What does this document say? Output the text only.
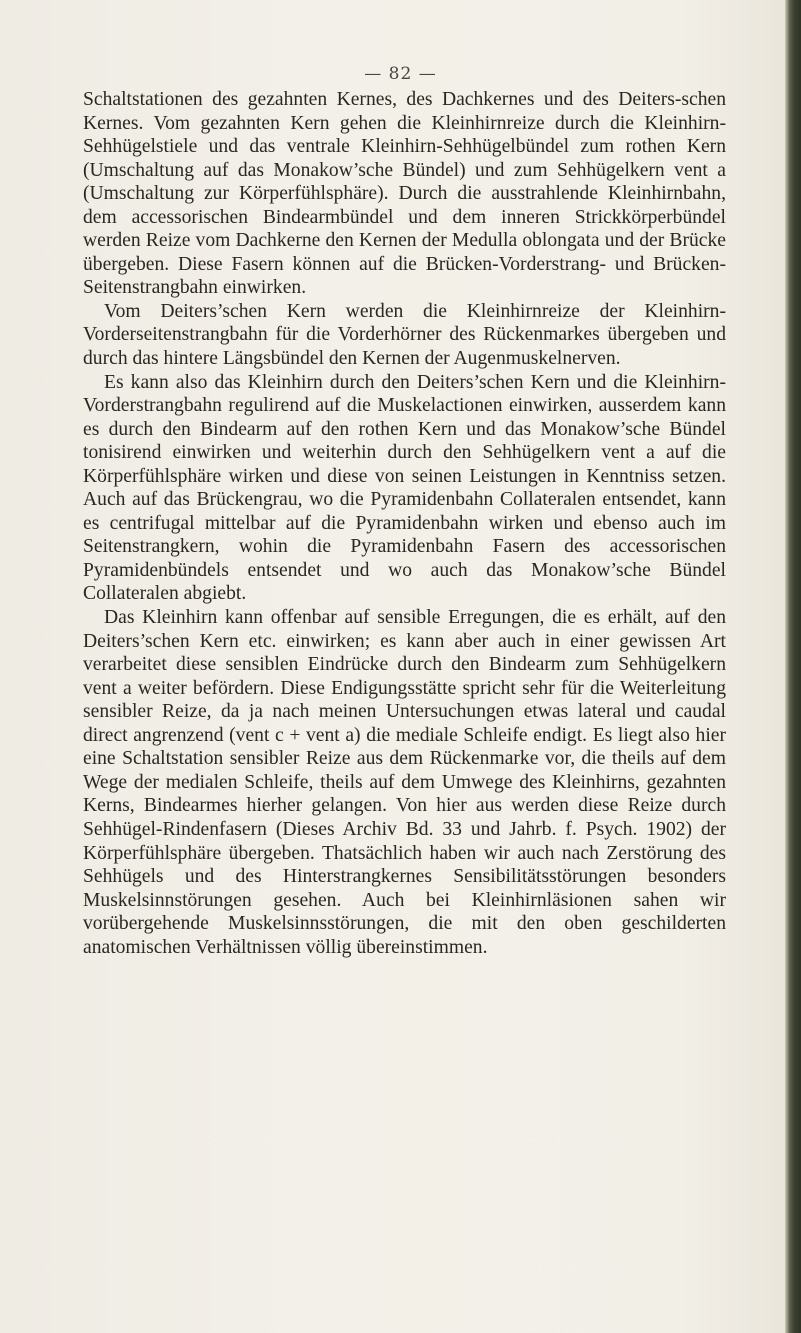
— 82 —

Schaltstationen des gezahnten Kernes, des Dachkernes und des Deiters-schen Kernes. Vom gezahnten Kern gehen die Kleinhirnreize durch die Kleinhirn-Sehhügelstiele und das ventrale Kleinhirn-Sehhügelbündel zum rothen Kern (Umschaltung auf das Monakow’sche Bündel) und zum Sehhügelkern vent a (Umschaltung zur Körperfühlsphäre). Durch die ausstrahlende Kleinhirnbahn, dem accessorischen Bindearmbündel und dem inneren Strickkörperbündel werden Reize vom Dachkerne den Kernen der Medulla oblongata und der Brücke übergeben. Diese Fasern können auf die Brücken-Vorderstrang- und Brücken-Seitenstrangbahn einwirken.

Vom Deiters’schen Kern werden die Kleinhirnreize der Kleinhirn-Vorderseitenstrangbahn für die Vorderhörner des Rückenmarkes übergeben und durch das hintere Längsbündel den Kernen der Augenmuskelnerven.

Es kann also das Kleinhirn durch den Deiters’schen Kern und die Kleinhirn-Vorderstrangbahn regulirend auf die Muskelactionen einwirken, ausserdem kann es durch den Bindearm auf den rothen Kern und das Monakow’sche Bündel tonisirend einwirken und weiterhin durch den Sehhügelkern vent a auf die Körperfühlsphäre wirken und diese von seinen Leistungen in Kenntniss setzen. Auch auf das Brückengrau, wo die Pyramidenbahn Collateralen entsendet, kann es centrifugal mittelbar auf die Pyramidenbahn wirken und ebenso auch im Seitenstrangkern, wohin die Pyramidenbahn Fasern des accessorischen Pyramidenbündels entsendet und wo auch das Monakow’sche Bündel Collateralen abgiebt.

Das Kleinhirn kann offenbar auf sensible Erregungen, die es erhält, auf den Deiters’schen Kern etc. einwirken; es kann aber auch in einer gewissen Art verarbeitet diese sensiblen Eindrücke durch den Bindearm zum Sehhügelkern vent a weiter befördern. Diese Endigungsstätte spricht sehr für die Weiterleitung sensibler Reize, da ja nach meinen Untersuchungen etwas lateral und caudal direct angrenzend (vent c + vent a) die mediale Schleife endigt. Es liegt also hier eine Schaltstation sensibler Reize aus dem Rückenmarke vor, die theils auf dem Wege der medialen Schleife, theils auf dem Umwege des Kleinhirns, gezahnten Kerns, Bindearmes hierher gelangen. Von hier aus werden diese Reize durch Sehhügel-Rindenfasern (Dieses Archiv Bd. 33 und Jahrb. f. Psych. 1902) der Körperfühlsphäre übergeben. Thatsächlich haben wir auch nach Zerstörung des Sehhügels und des Hinterstrangkernes Sensibilitätsstörungen besonders Muskelsinnstörungen gesehen. Auch bei Kleinhirnläsionen sahen wir vorübergehende Muskelsinnsstörungen, die mit den oben geschilderten anatomischen Verhältnissen völlig übereinstimmen.
